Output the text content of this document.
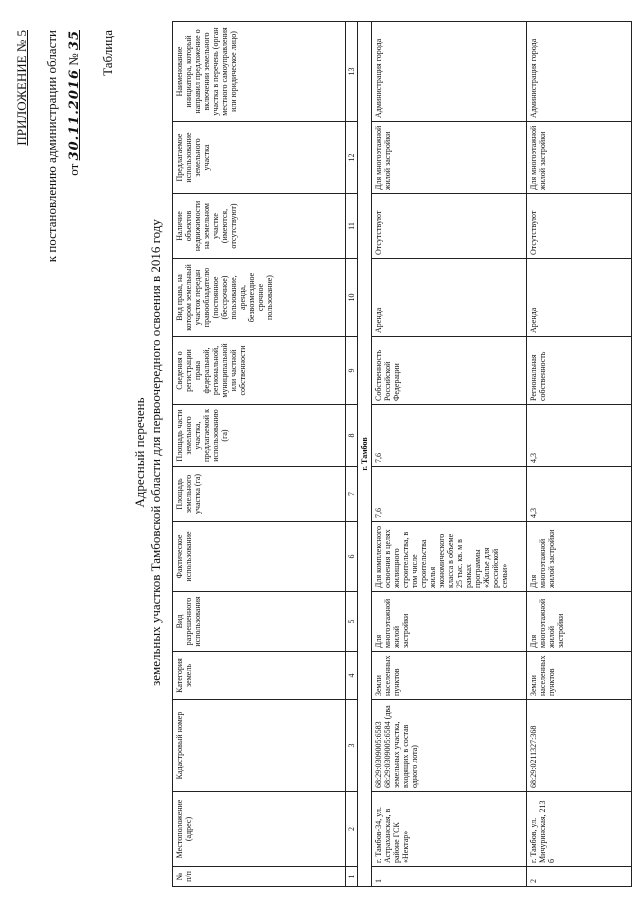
ПРИЛОЖЕНИЕ № 5 к постановлению администрации области от 30.11.2016 № 35 Таблица
Адресный перечень земельных участков Тамбовской области для первоочередного освоения в 2016 году
№ п/п	Местоположение (адрес)	Кадастровый номер	Категория земель	Вид разрешенного использования	Фактическое использование	Площадь земельного участка (га)	Площадь части земельного участка, предлагаемой к использованию (га)	Сведения о регистрации права федеральной, региональной, муниципальной или частной собственности	Вид права, на котором земельный участок передан правообладателю (постоянное (бессрочное) пользование, аренда, безвозмездное срочное пользование)	Наличие объектов недвижимости на земельном участке (имеются, отсутствуют)	Предлагаемое использование земельного участка	Наименование инициатора, который направил предложение о включении земельного участка в перечень (орган местного самоуправления или юридическое лицо)
1	2	3	4	5	6	7	8	9	10	11	12	13
г. Тамбов												
1	г. Тамбов-34, ул. Астраханская, в районе ГСК «Нектар»	68:29:0309005:6583 68:29:0309005:6584 (два земельных участка, входящих в состав одного лота)	Земли населенных пунктов	Для многоэтажной жилой застройки	Для комплексного освоения в целях жилищного строительства, в том числе строительства жилья экономического класса в объеме 25 тыс. кв. м в рамках программы «Жилье для российской семьи»	7,6	7,6	Собственность Российской Федерации	Аренда	Отсутствуют	Для многоэтажной жилой застройки	Администрация города
2	г. Тамбов, ул. Мичуринская, 213 б	68:29:0211327:368	Земли населенных пунктов	Для многоэтажной жилой застройки	Для многоэтажной жилой застройки	4,3	4,3	Региональная собственность	Аренда	Отсутствуют	Для многоэтажной жилой застройки	Администрация города
